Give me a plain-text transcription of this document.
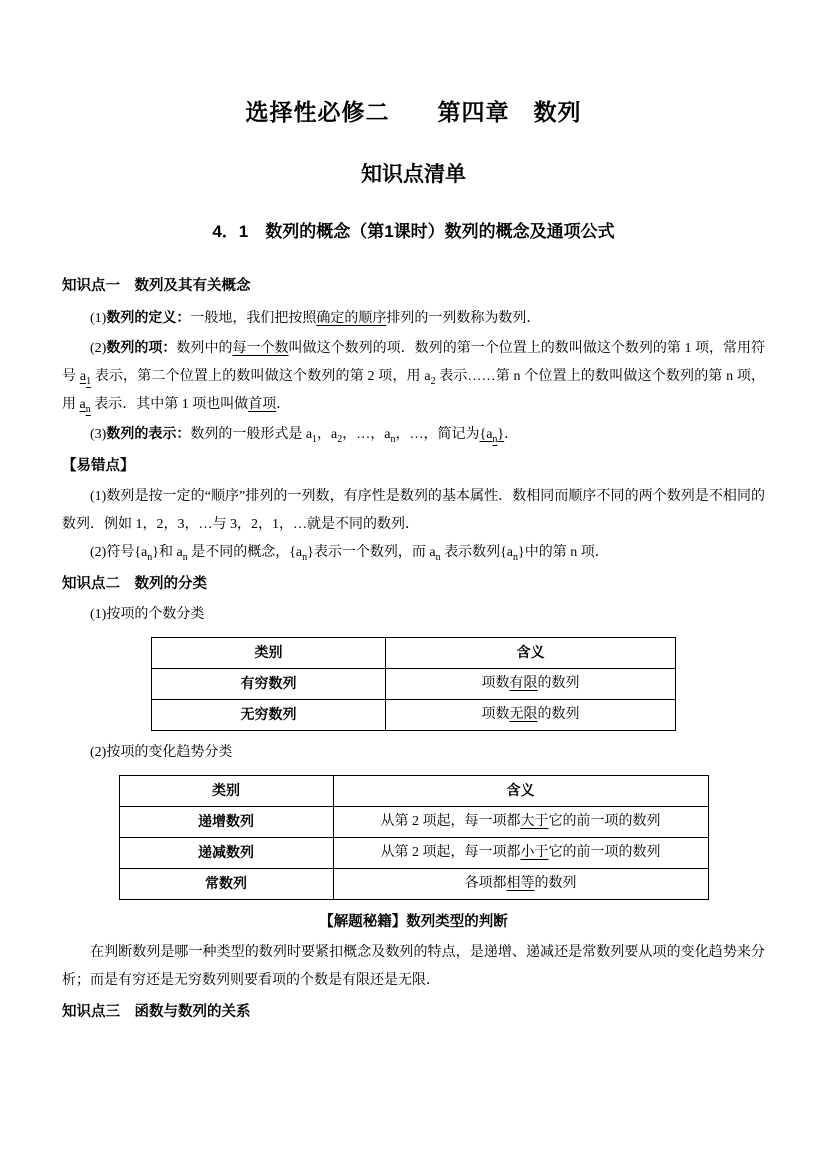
选择性必修二　　第四章　数列
知识点清单
4．1　数列的概念（第1课时）数列的概念及通项公式
知识点一　数列及其有关概念
(1)数列的定义：一般地，我们把按照确定的顺序排列的一列数称为数列．
(2)数列的项：数列中的每一个数叫做这个数列的项．数列的第一个位置上的数叫做这个数列的第 1 项，常用符号 $a_1$ 表示，第二个位置上的数叫做这个数列的第 2 项，用 $a_2$ 表示……第 n 个位置上的数叫做这个数列的第 n 项，用 $a_n$ 表示．其中第 1 项也叫做首项．
(3)数列的表示：数列的一般形式是 $a_1$，$a_2$，…，$a_n$，…，简记为$\{a_n\}$．
【易错点】
(1)数列是按一定的“顺序”排列的一列数，有序性是数列的基本属性．数相同而顺序不同的两个数列是不相同的数列．例如 1，2，3，…与 3，2，1，…就是不同的数列．
(2)符号$\{a_n\}$和 $a_n$ 是不同的概念，$\{a_n\}$表示一个数列，而 $a_n$ 表示数列$\{a_n\}$中的第 n 项．
知识点二　数列的分类
(1)按项的个数分类
类别	含义
有穷数列	项数有限的数列
无穷数列	项数无限的数列
(2)按项的变化趋势分类
类别	含义
递增数列	从第 2 项起，每一项都大于它的前一项的数列
递减数列	从第 2 项起，每一项都小于它的前一项的数列
常数列	各项都相等的数列
【解题秘籍】数列类型的判断
在判断数列是哪一种类型的数列时要紧扣概念及数列的特点，是递增、递减还是常数列要从项的变化趋势来分析；而是有穷还是无穷数列则要看项的个数是有限还是无限．
知识点三　函数与数列的关系
